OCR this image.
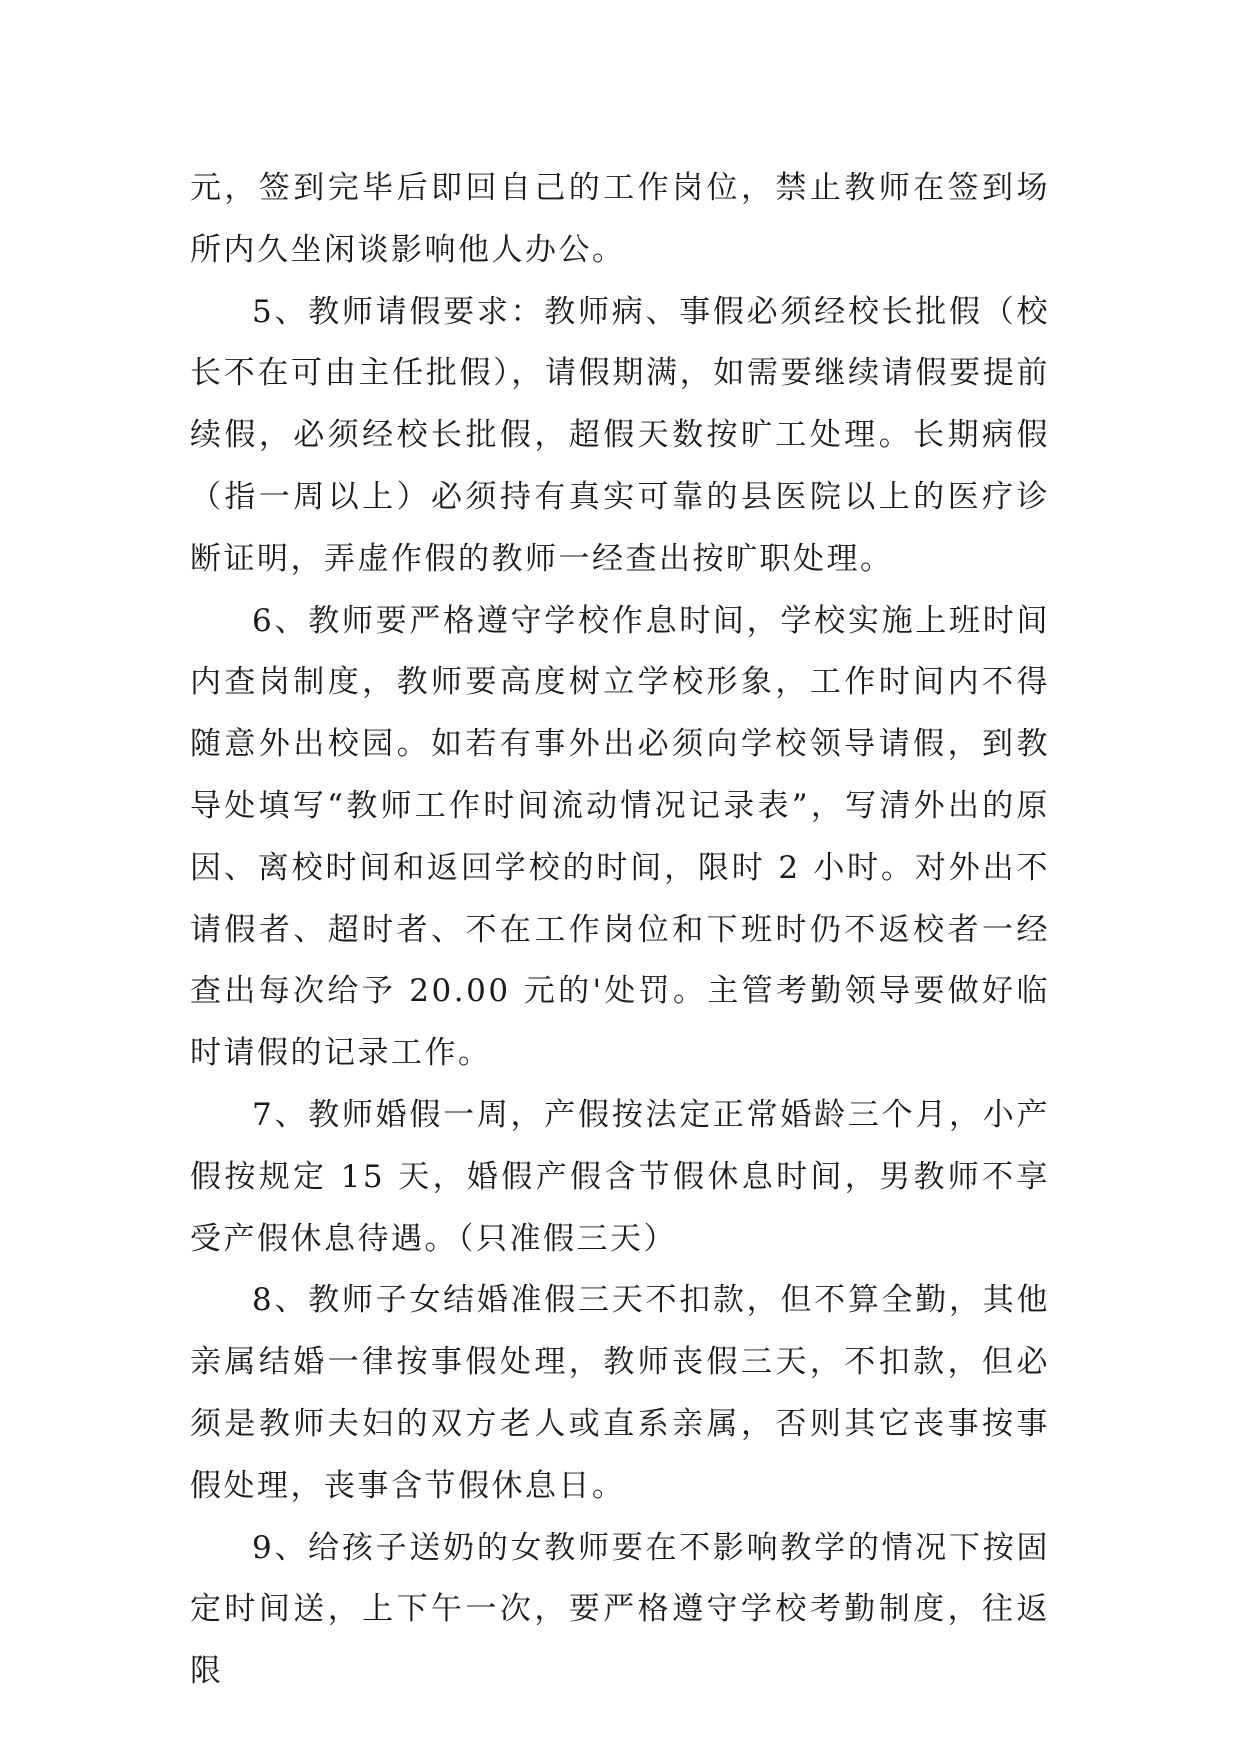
元，签到完毕后即回自己的工作岗位，禁止教师在签到场所内久坐闲谈影响他人办公。

5、教师请假要求：教师病、事假必须经校长批假（校长不在可由主任批假），请假期满，如需要继续请假要提前续假，必须经校长批假，超假天数按旷工处理。长期病假（指一周以上）必须持有真实可靠的县医院以上的医疗诊断证明，弄虚作假的教师一经查出按旷职处理。

6、教师要严格遵守学校作息时间，学校实施上班时间内查岗制度，教师要高度树立学校形象，工作时间内不得随意外出校园。如若有事外出必须向学校领导请假，到教导处填写“教师工作时间流动情况记录表”，写清外出的原因、离校时间和返回学校的时间，限时 2 小时。对外出不请假者、超时者、不在工作岗位和下班时仍不返校者一经查出每次给予 20.00 元的'处罚。主管考勤领导要做好临时请假的记录工作。

7、教师婚假一周，产假按法定正常婚龄三个月，小产假按规定 15 天，婚假产假含节假休息时间，男教师不享受产假休息待遇。（只准假三天）

8、教师子女结婚准假三天不扣款，但不算全勤，其他亲属结婚一律按事假处理，教师丧假三天，不扣款，但必须是教师夫妇的双方老人或直系亲属，否则其它丧事按事假处理，丧事含节假休息日。

9、给孩子送奶的女教师要在不影响教学的情况下按固定时间送，上下午一次，要严格遵守学校考勤制度，往返限
